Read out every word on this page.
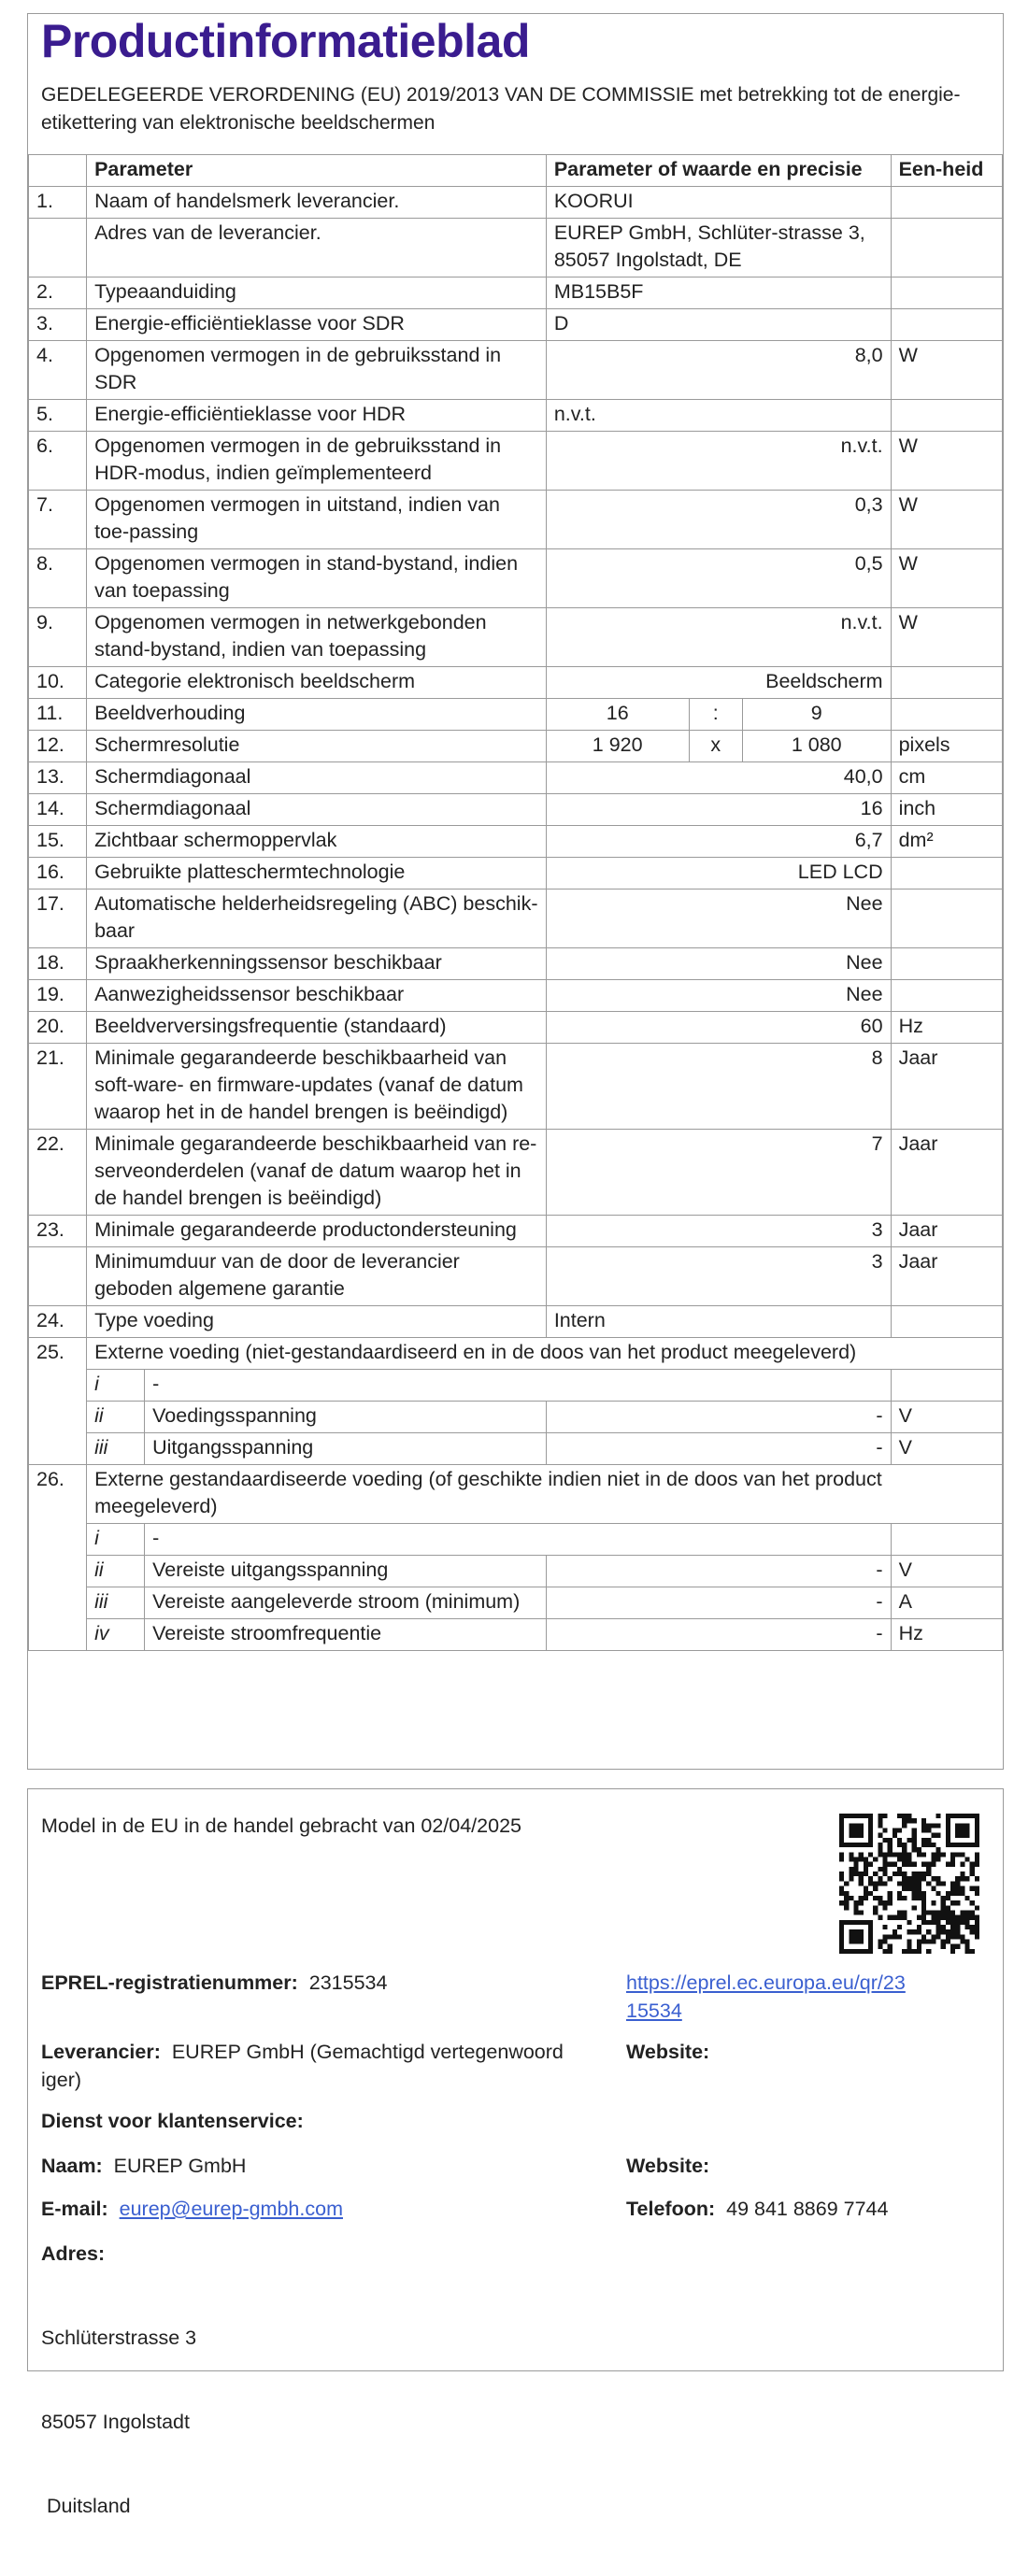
Productinformatieblad
GEDELEGEERDE VERORDENING (EU) 2019/2013 VAN DE COMMISSIE met betrekking tot de energie-etikettering van elektronische beeldschermen
	Parameter		Parameter of waarde en precisie			Een-heid
1.	Naam of handelsmerk leverancier.		KOORUI			
	Adres van de leverancier.		EUREP GmbH, Schlüter-strasse 3, 85057 Ingolstadt, DE			
2.	Typeaanduiding		MB15B5F			
3.	Energie-efficiëntieklasse voor SDR		D			
4.	Opgenomen vermogen in de gebruiksstand in SDR		8,0			W
5.	Energie-efficiëntieklasse voor HDR		n.v.t.			
6.	Opgenomen vermogen in de gebruiksstand in HDR-modus, indien geïmplementeerd		n.v.t.			W
7.	Opgenomen vermogen in uitstand, indien van toe-passing		0,3			W
8.	Opgenomen vermogen in stand-bystand, indien van toepassing		0,5			W
9.	Opgenomen vermogen in netwerkgebonden stand-bystand, indien van toepassing		n.v.t.			W
10.	Categorie elektronisch beeldscherm		Beeldscherm			
11.	Beeldverhouding		16	:	9	
12.	Schermresolutie		1 920	x	1 080	pixels
13.	Schermdiagonaal		40,0			cm
14.	Schermdiagonaal		16			inch
15.	Zichtbaar schermoppervlak		6,7			dm²
16.	Gebruikte platteschermtechnologie		LED LCD			
17.	Automatische helderheidsregeling (ABC) beschik-baar		Nee			
18.	Spraakherkenningssensor beschikbaar		Nee			
19.	Aanwezigheidssensor beschikbaar		Nee			
20.	Beeldverversingsfrequentie (standaard)		60			Hz
21.	Minimale gegarandeerde beschikbaarheid van soft-ware- en firmware-updates (vanaf de datum waarop het in de handel brengen is beëindigd)		8			Jaar
22.	Minimale gegarandeerde beschikbaarheid van re-serveonderdelen (vanaf de datum waarop het in de handel brengen is beëindigd)		7			Jaar
23.	Minimale gegarandeerde productondersteuning		3			Jaar
	Minimumduur van de door de leverancier geboden algemene garantie		3			Jaar
24.	Type voeding		Intern			
25.	Externe voeding (niet-gestandaardiseerd en in de doos van het product meegeleverd)					
	i	-				
	ii	Voedingsspanning	-			V
	iii	Uitgangsspanning	-			V
26.	Externe gestandaardiseerde voeding (of geschikte indien niet in de doos van het product meegeleverd)					
	i	-				
	ii	Vereiste uitgangsspanning	-			V
	iii	Vereiste aangeleverde stroom (minimum)	-			A
	iv	Vereiste stroomfrequentie	-			Hz
Model in de EU in de handel gebracht van 02/04/2025
EPREL-registratienummer: 2315534	https://eprel.ec.europa.eu/qr/23
15534
Leverancier: EUREP GmbH (Gemachtigd vertegenwoord
iger)
Website:
Dienst voor klantenservice:
Naam: EUREP GmbH	Website:
E-mail: eurep@eurep-gmbh.com	Telefoon: 49 841 8869 7744
Adres:

Schlüterstrasse 3

85057 Ingolstadt

Duitsland
